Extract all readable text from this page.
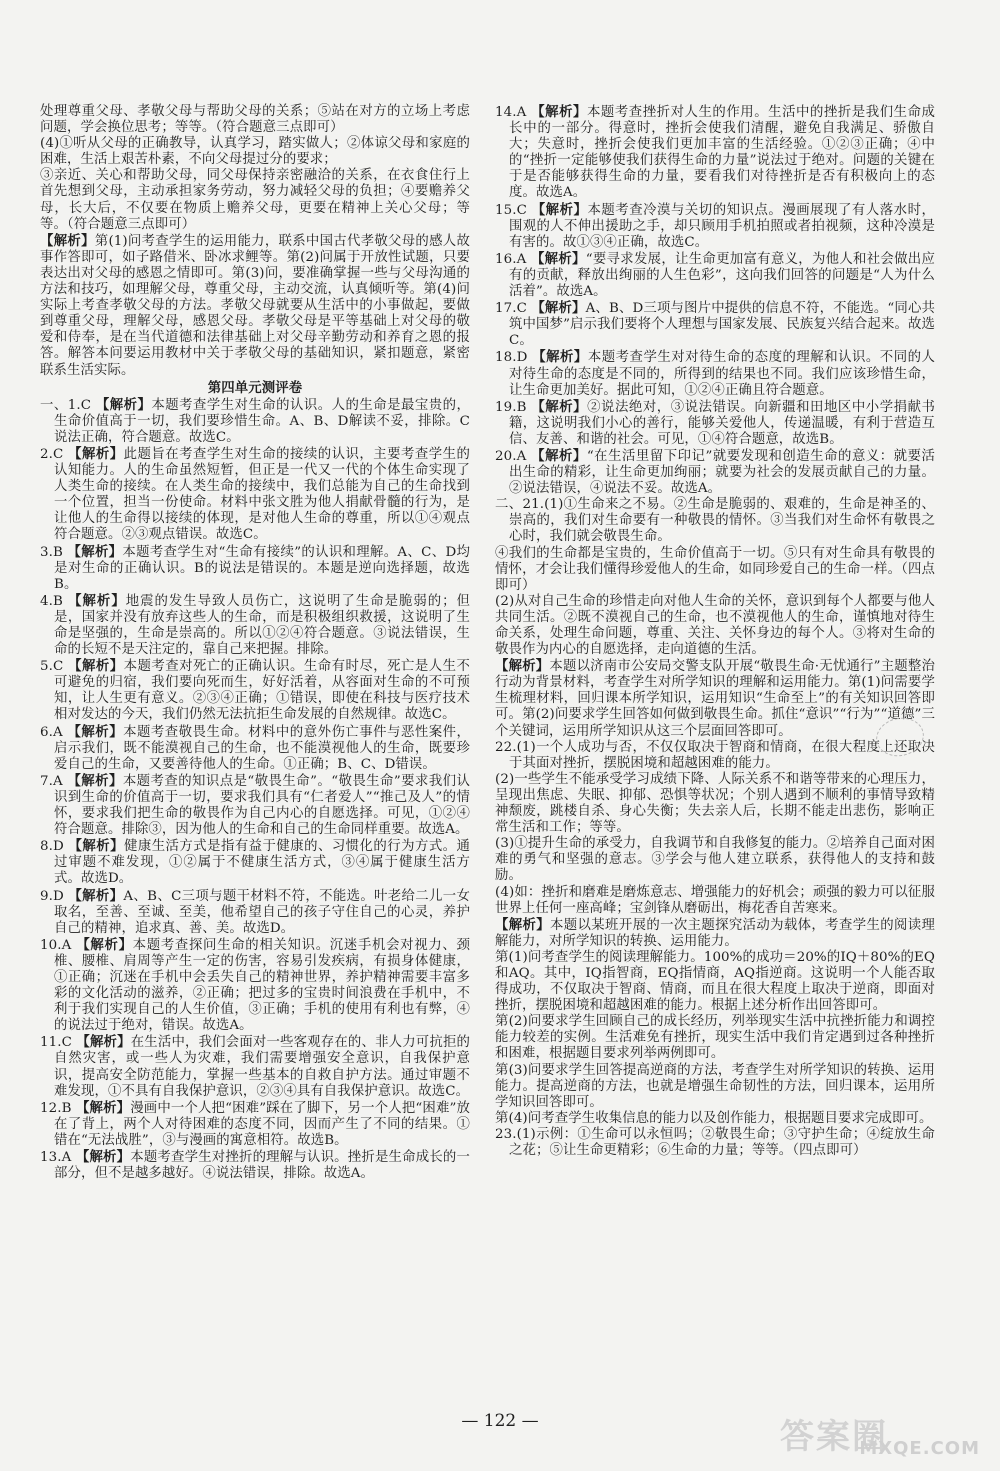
处理尊重父母、孝敬父母与帮助父母的关系；⑤站在对方的立场上考虑问题，学会换位思考；等等。（符合题意三点即可）

(4)①听从父母的正确教导，认真学习，踏实做人；②体谅父母和家庭的困难，生活上艰苦朴素，不向父母提过分的要求；

③亲近、关心和帮助父母，同父母保持亲密融洽的关系，在衣食住行上首先想到父母，主动承担家务劳动，努力减轻父母的负担；④要赡养父母，长大后，不仅要在物质上赡养父母，更要在精神上关心父母；等等。（符合题意三点即可）

【解析】第(1)问考查学生的运用能力，联系中国古代孝敬父母的感人故事作答即可，如子路借米、卧冰求鲤等。第(2)问属于开放性试题，只要表达出对父母的感恩之情即可。第(3)问，要准确掌握一些与父母沟通的方法和技巧，如理解父母，尊重父母，主动交流，认真倾听等。第(4)问实际上考查孝敬父母的方法。孝敬父母就要从生活中的小事做起，要做到尊重父母，理解父母，感恩父母。孝敬父母是平等基础上对父母的敬爱和侍奉，是在当代道德和法律基础上对父母辛勤劳动和养育之恩的报答。解答本问要运用教材中关于孝敬父母的基础知识，紧扣题意，紧密联系生活实际。

第四单元测评卷

一、1.C 【解析】本题考查学生对生命的认识。人的生命是最宝贵的，生命价值高于一切，我们要珍惜生命。A、B、D解读不妥，排除。C说法正确，符合题意。故选C。

2.C 【解析】此题旨在考查学生对生命的接续的认识，主要考查学生的认知能力。人的生命虽然短暂，但正是一代又一代的个体生命实现了人类生命的接续。在人类生命的接续中，我们总能为自己的生命找到一个位置，担当一份使命。材料中张文胜为他人捐献骨髓的行为，是让他人的生命得以接续的体现，是对他人生命的尊重，所以①④观点符合题意。②③观点错误。故选C。

3.B 【解析】本题考查学生对“生命有接续”的认识和理解。A、C、D均是对生命的正确认识。B的说法是错误的。本题是逆向选择题，故选B。

4.B 【解析】地震的发生导致人员伤亡，这说明了生命是脆弱的；但是，国家并没有放弃这些人的生命，而是积极组织救援，这说明了生命是坚强的，生命是崇高的。所以①②④符合题意。③说法错误，生命的长短不是天注定的，靠自己来把握。排除。

5.C 【解析】本题考查对死亡的正确认识。生命有时尽，死亡是人生不可避免的归宿，我们要向死而生，好好活着，从容面对生命的不可预知，让人生更有意义。②③④正确；①错误，即使在科技与医疗技术相对发达的今天，我们仍然无法抗拒生命发展的自然规律。故选C。

6.A 【解析】本题考查敬畏生命。材料中的意外伤亡事件与恶性案件，启示我们，既不能漠视自己的生命，也不能漠视他人的生命，既要珍爱自己的生命，又要善待他人的生命。①正确；B、C、D错误。

7.A 【解析】本题考查的知识点是“敬畏生命”。“敬畏生命”要求我们认识到生命的价值高于一切，要求我们具有“仁者爱人”“推己及人”的情怀，要求我们把生命的敬畏作为自己内心的自愿选择。可见，①②④符合题意。排除③，因为他人的生命和自己的生命同样重要。故选A。

8.D 【解析】健康生活方式是指有益于健康的、习惯化的行为方式。通过审题不难发现，①②属于不健康生活方式，③④属于健康生活方式。故选D。

9.D 【解析】A、B、C三项与题干材料不符，不能选。叶老给二儿一女取名，至善、至诚、至美，他希望自己的孩子守住自己的心灵，养护自己的精神，追求真、善、美。故选D。

10.A 【解析】本题考查探问生命的相关知识。沉迷手机会对视力、颈椎、腰椎、肩周等产生一定的伤害，容易引发疾病，有损身体健康，①正确；沉迷在手机中会丢失自己的精神世界，养护精神需要丰富多彩的文化活动的滋养，②正确；把过多的宝贵时间浪费在手机中，不利于我们实现自己的人生价值，③正确；手机的使用有利也有弊，④的说法过于绝对，错误。故选A。

11.C 【解析】在生活中，我们会面对一些客观存在的、非人力可抗拒的自然灾害，或一些人为灾难，我们需要增强安全意识，自我保护意识，提高安全防范能力，掌握一些基本的自救自护方法。通过审题不难发现，①不具有自我保护意识，②③④具有自我保护意识。故选C。

12.B 【解析】漫画中一个人把“困难”踩在了脚下，另一个人把“困难”放在了背上，两个人对待困难的态度不同，因而产生了不同的结果。①错在“无法战胜”，③与漫画的寓意相符。故选B。

13.A 【解析】本题考查学生对挫折的理解与认识。挫折是生命成长的一部分，但不是越多越好。④说法错误，排除。故选A。

14.A 【解析】本题考查挫折对人生的作用。生活中的挫折是我们生命成长中的一部分。得意时，挫折会使我们清醒，避免自我满足、骄傲自大；失意时，挫折会使我们更加丰富的生活经验。①②③正确；④中的“挫折一定能够使我们获得生命的力量”说法过于绝对。问题的关键在于是否能够获得生命的力量，要看我们对待挫折是否有积极向上的态度。故选A。

15.C 【解析】本题考查冷漠与关切的知识点。漫画展现了有人落水时，围观的人不伸出援助之手，却只顾用手机拍照或者拍视频，这种冷漠是有害的。故①③④正确，故选C。

16.A 【解析】“要寻求发展，让生命更加富有意义，为他人和社会做出应有的贡献，释放出绚丽的人生色彩”，这向我们回答的问题是“人为什么活着”。故选A。

17.C 【解析】A、B、D三项与图片中提供的信息不符，不能选。“同心共筑中国梦”启示我们要将个人理想与国家发展、民族复兴结合起来。故选C。

18.D 【解析】本题考查学生对对待生命的态度的理解和认识。不同的人对待生命的态度是不同的，所得到的结果也不同。我们应该珍惜生命，让生命更加美好。据此可知，①②④正确且符合题意。

19.B 【解析】②说法绝对，③说法错误。向新疆和田地区中小学捐献书籍，这说明我们小心的善行，能够关爱他人，传递温暖，有利于营造互信、友善、和谐的社会。可见，①④符合题意，故选B。

20.A 【解析】“在生活里留下印记”就要发现和创造生命的意义：就要活出生命的精彩，让生命更加绚丽；就要为社会的发展贡献自己的力量。②说法错误，④说法不妥。故选A。

二、21.(1)①生命来之不易。②生命是脆弱的、艰难的，生命是神圣的、崇高的，我们对生命要有一种敬畏的情怀。③当我们对生命怀有敬畏之心时，我们就会敬畏生命。

④我们的生命都是宝贵的，生命价值高于一切。⑤只有对生命具有敬畏的情怀，才会让我们懂得珍爱他人的生命，如同珍爱自己的生命一样。（四点即可）

(2)从对自己生命的珍惜走向对他人生命的关怀，意识到每个人都要与他人共同生活。②既不漠视自己的生命，也不漠视他人的生命，谨慎地对待生命关系，处理生命问题，尊重、关注、关怀身边的每个人。③将对生命的敬畏作为内心的自愿选择，走向道德的生活。

【解析】本题以济南市公安局交警支队开展“敬畏生命·无忧通行”主题整治行动为背景材料，考查学生对所学知识的理解和运用能力。第(1)问需要学生梳理材料，回归课本所学知识，运用知识“生命至上”的有关知识回答即可。第(2)问要求学生回答如何做到敬畏生命。抓住“意识”“行为”“道德”三个关键词，运用所学知识从这三个层面回答即可。

22.(1)一个人成功与否，不仅仅取决于智商和情商，在很大程度上还取决于其面对挫折，摆脱困境和超越困难的能力。

(2)一些学生不能承受学习成绩下降、人际关系不和谐等带来的心理压力，呈现出焦虑、失眠、抑郁、恐惧等状况；个别人遇到不顺利的事情导致精神颓废，跳楼自杀、身心失衡；失去亲人后，长期不能走出悲伤，影响正常生活和工作；等等。

(3)①提升生命的承受力，自我调节和自我修复的能力。②培养自己面对困难的勇气和坚强的意志。③学会与他人建立联系，获得他人的支持和鼓励。

(4)如：挫折和磨难是磨炼意志、增强能力的好机会；顽强的毅力可以征服世界上任何一座高峰；宝剑锋从磨砺出，梅花香自苦寒来。

【解析】本题以某班开展的一次主题探究活动为载体，考查学生的阅读理解能力，对所学知识的转换、运用能力。

第(1)问考查学生的阅读理解能力。100%的成功＝20%的IQ＋80%的EQ和AQ。其中，IQ指智商，EQ指情商，AQ指逆商。这说明一个人能否取得成功，不仅取决于智商、情商，而且在很大程度上取决于逆商，即面对挫折，摆脱困境和超越困难的能力。根据上述分析作出回答即可。

第(2)问要求学生回顾自己的成长经历，列举现实生活中抗挫折能力和调控能力较差的实例。生活难免有挫折，现实生活中我们肯定遇到过各种挫折和困难，根据题目要求列举两例即可。

第(3)问要求学生回答提高逆商的方法，考查学生对所学知识的转换、运用能力。提高逆商的方法，也就是增强生命韧性的方法，回归课本，运用所学知识回答即可。

第(4)问考查学生收集信息的能力以及创作能力，根据题目要求完成即可。

23.(1)示例：①生命可以永恒吗；②敬畏生命；③守护生命；④绽放生命之花；⑤让生命更精彩；⑥生命的力量；等等。（四点即可）

— 122 —	答案圈
MXQE.COM
